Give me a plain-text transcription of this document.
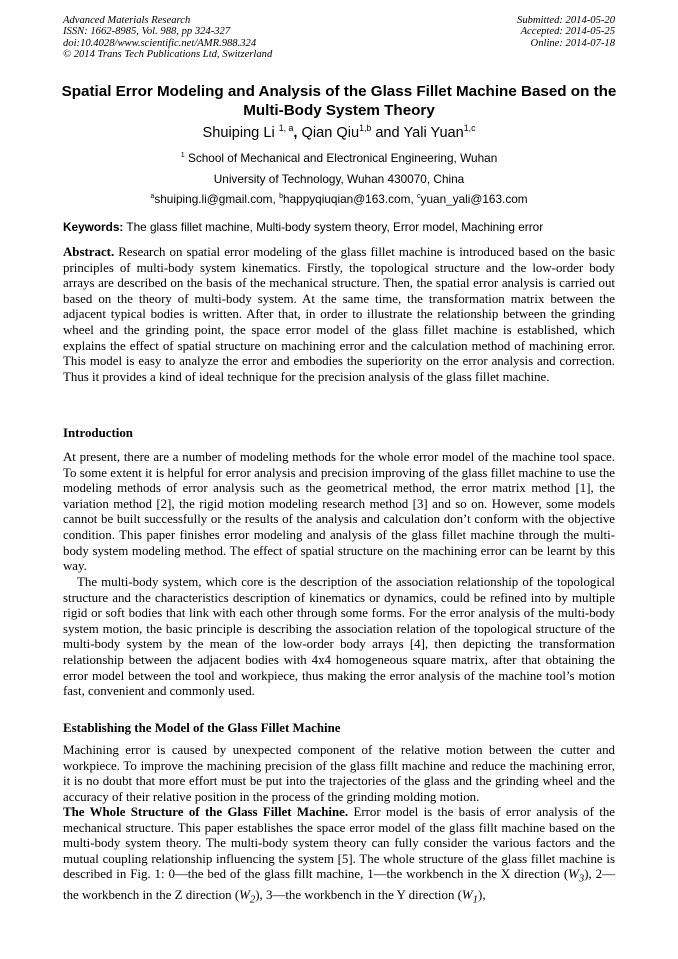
Advanced Materials Research
ISSN: 1662-8985, Vol. 988, pp 324-327
doi:10.4028/www.scientific.net/AMR.988.324
© 2014 Trans Tech Publications Ltd, Switzerland
Submitted: 2014-05-20
Accepted: 2014-05-25
Online: 2014-07-18
Spatial Error Modeling and Analysis of the Glass Fillet Machine Based on the Multi-Body System Theory
Shuiping Li $^{1, a}$, Qian Qiu$^{1,b}$ and Yali Yuan$^{1,c}$
$^1$ School of Mechanical and Electronical Engineering, Wuhan
University of Technology, Wuhan 430070, China
$^a$shuiping.li@gmail.com, $^b$happyqiuqian@163.com, $^c$yuan_yali@163.com
Keywords: The glass fillet machine, Multi-body system theory, Error model, Machining error
Abstract. Research on spatial error modeling of the glass fillet machine is introduced based on the basic principles of multi-body system kinematics. Firstly, the topological structure and the low-order body arrays are described on the basis of the mechanical structure. Then, the spatial error analysis is carried out based on the theory of multi-body system. At the same time, the transformation matrix between the adjacent typical bodies is written. After that, in order to illustrate the relationship between the grinding wheel and the grinding point, the space error model of the glass fillet machine is established, which explains the effect of spatial structure on machining error and the calculation method of machining error. This model is easy to analyze the error and embodies the superiority on the error analysis and correction. Thus it provides a kind of ideal technique for the precision analysis of the glass fillet machine.
Introduction
At present, there are a number of modeling methods for the whole error model of the machine tool space. To some extent it is helpful for error analysis and precision improving of the glass fillet machine to use the modeling methods of error analysis such as the geometrical method, the error matrix method [1], the variation method [2], the rigid motion modeling research method [3] and so on. However, some models cannot be built successfully or the results of the analysis and calculation don’t conform with the objective condition. This paper finishes error modeling and analysis of the glass fillet machine through the multi-body system modeling method. The effect of spatial structure on the machining error can be learnt by this way.
The multi-body system, which core is the description of the association relationship of the topological structure and the characteristics description of kinematics or dynamics, could be refined into by multiple rigid or soft bodies that link with each other through some forms. For the error analysis of the multi-body system motion, the basic principle is describing the association relation of the topological structure of the multi-body system by the mean of the low-order body arrays [4], then depicting the transformation relationship between the adjacent bodies with 4x4 homogeneous square matrix, after that obtaining the error model between the tool and workpiece, thus making the error analysis of the machine tool’s motion fast, convenient and commonly used.
Establishing the Model of the Glass Fillet Machine
Machining error is caused by unexpected component of the relative motion between the cutter and workpiece. To improve the machining precision of the glass fillt machine and reduce the machining error, it is no doubt that more effort must be put into the trajectories of the glass and the grinding wheel and the accuracy of their relative position in the process of the grinding molding motion.
The Whole Structure of the Glass Fillet Machine. Error model is the basis of error analysis of the mechanical structure. This paper establishes the space error model of the glass fillt machine based on the multi-body system theory. The multi-body system theory can fully consider the various factors and the mutual coupling relationship influencing the system [5]. The whole structure of the glass fillet machine is described in Fig. 1: 0—the bed of the glass fillt machine, 1—the workbench in the X direction $(W_3)$, 2—the workbench in the Z direction $(W_2)$, 3—the workbench in the Y direction $(W_1)$,
